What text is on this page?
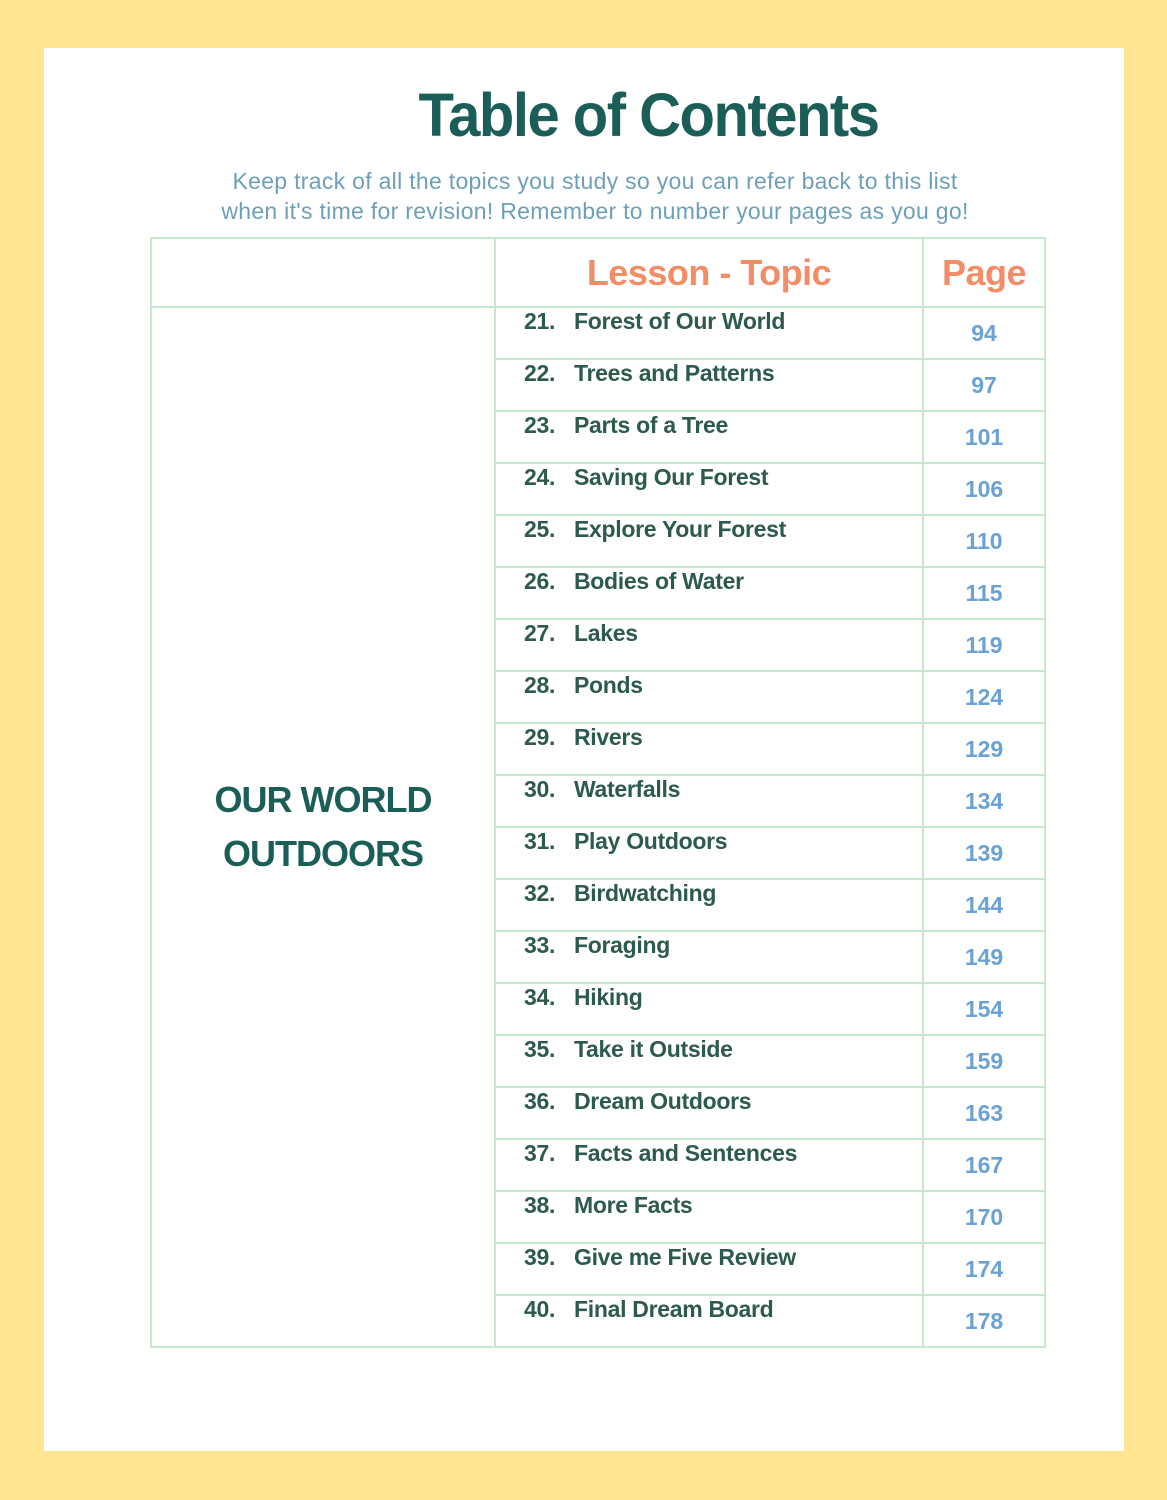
Table of Contents
Keep track of all the topics you study so you can refer back to this list
when it's time for revision! Remember to number your pages as you go!
	Lesson - Topic	Page

OUR WORLD
OUTDOORS	21. Forest of Our World	94
	22. Trees and Patterns	97
	23. Parts of a Tree	101
	24. Saving Our Forest	106
	25. Explore Your Forest	110
	26. Bodies of Water	115
	27. Lakes	119
	28. Ponds	124
	29. Rivers	129
	30. Waterfalls	134
	31. Play Outdoors	139
	32. Birdwatching	144
	33. Foraging	149
	34. Hiking	154
	35. Take it Outside	159
	36. Dream Outdoors	163
	37. Facts and Sentences	167
	38. More Facts	170
	39. Give me Five Review	174
	40. Final Dream Board	178
